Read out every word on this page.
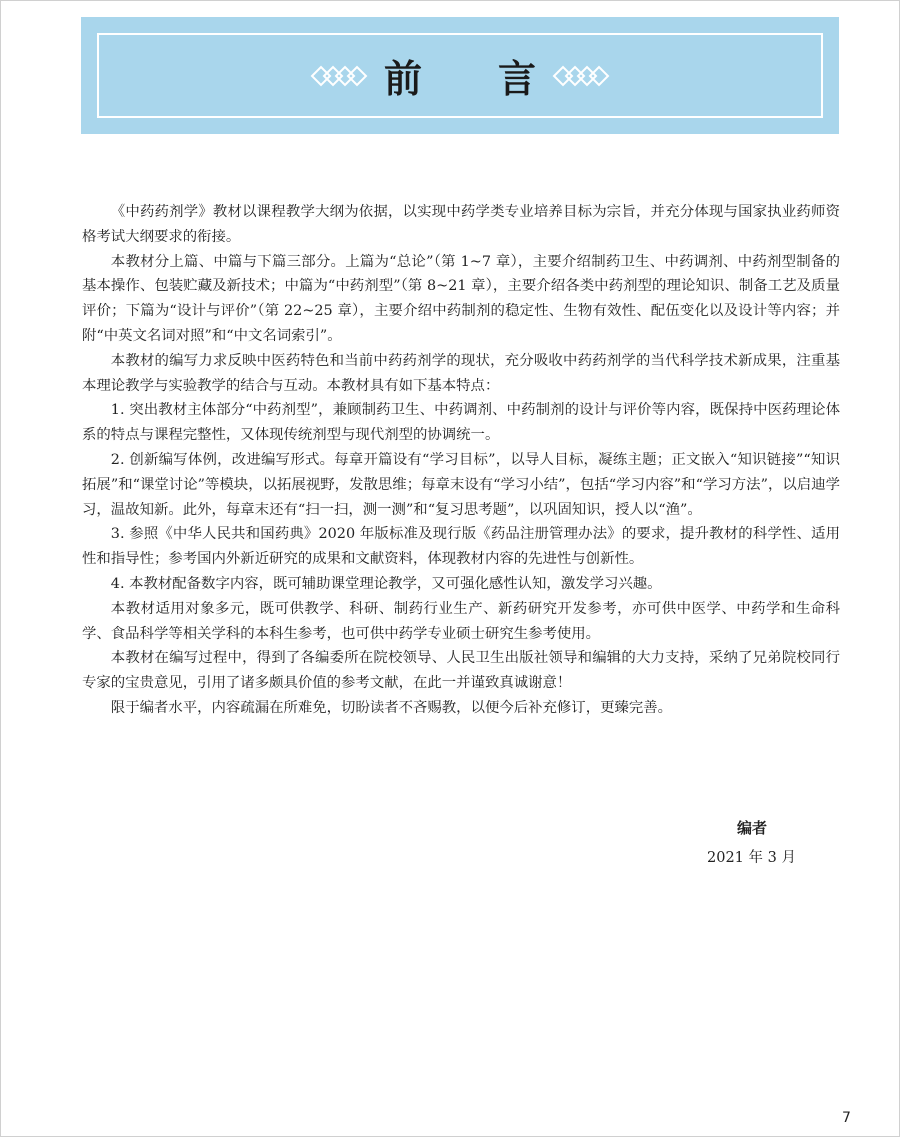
前 言

《中药药剂学》教材以课程教学大纲为依据，以实现中药学类专业培养目标为宗旨，并充分体现与国家执业药师资格考试大纲要求的衔接。

本教材分上篇、中篇与下篇三部分。上篇为“总论”（第 1~7 章），主要介绍制药卫生、中药调剂、中药剂型制备的基本操作、包装贮藏及新技术；中篇为“中药剂型”（第 8~21 章），主要介绍各类中药剂型的理论知识、制备工艺及质量评价；下篇为“设计与评价”（第 22~25 章），主要介绍中药制剂的稳定性、生物有效性、配伍变化以及设计等内容；并附“中英文名词对照”和“中文名词索引”。

本教材的编写力求反映中医药特色和当前中药药剂学的现状，充分吸收中药药剂学的当代科学技术新成果，注重基本理论教学与实验教学的结合与互动。本教材具有如下基本特点：

1. 突出教材主体部分“中药剂型”，兼顾制药卫生、中药调剂、中药制剂的设计与评价等内容，既保持中医药理论体系的特点与课程完整性，又体现传统剂型与现代剂型的协调统一。

2. 创新编写体例，改进编写形式。每章开篇设有“学习目标”，以导人目标，凝练主题；正文嵌入“知识链接”“知识拓展”和“课堂讨论”等模块，以拓展视野，发散思维；每章末设有“学习小结”，包括“学习内容”和“学习方法”，以启迪学习，温故知新。此外，每章末还有“扫一扫，测一测”和“复习思考题”，以巩固知识，授人以“渔”。

3. 参照《中华人民共和国药典》2020 年版标准及现行版《药品注册管理办法》的要求，提升教材的科学性、适用性和指导性；参考国内外新近研究的成果和文献资料，体现教材内容的先进性与创新性。

4. 本教材配备数字内容，既可辅助课堂理论教学，又可强化感性认知，激发学习兴趣。

本教材适用对象多元，既可供教学、科研、制药行业生产、新药研究开发参考，亦可供中医学、中药学和生命科学、食品科学等相关学科的本科生参考，也可供中药学专业硕士研究生参考使用。

本教材在编写过程中，得到了各编委所在院校领导、人民卫生出版社领导和编辑的大力支持，采纳了兄弟院校同行专家的宝贵意见，引用了诸多颇具价值的参考文献，在此一并谨致真诚谢意！

限于编者水平，内容疏漏在所难免，切盼读者不吝赐教，以便今后补充修订，更臻完善。

编者
2021 年 3 月
7
